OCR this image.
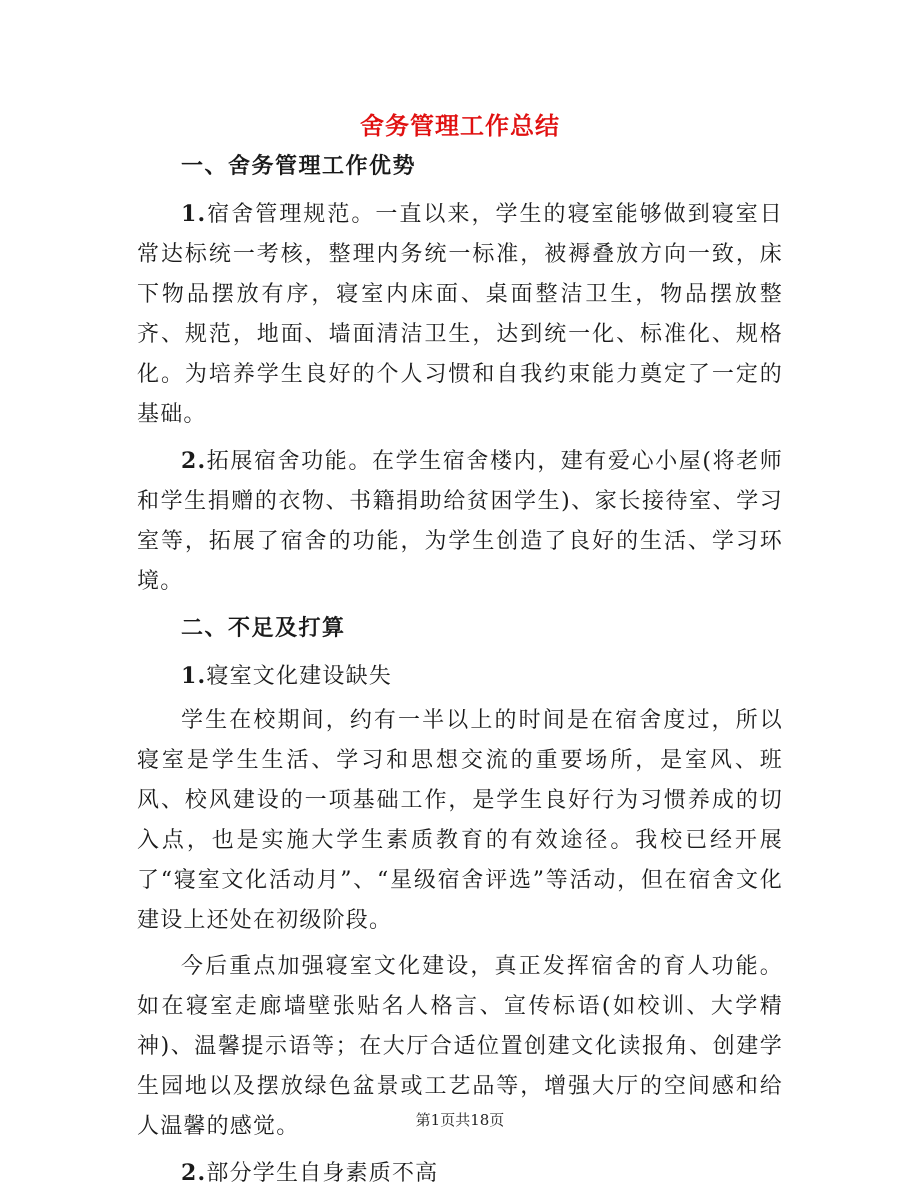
舍务管理工作总结

一、舍务管理工作优势

1.宿舍管理规范。一直以来，学生的寝室能够做到寝室日常达标统一考核，整理内务统一标准，被褥叠放方向一致，床下物品摆放有序，寝室内床面、桌面整洁卫生，物品摆放整齐、规范，地面、墙面清洁卫生，达到统一化、标准化、规格化。为培养学生良好的个人习惯和自我约束能力奠定了一定的基础。

2.拓展宿舍功能。在学生宿舍楼内，建有爱心小屋(将老师和学生捐赠的衣物、书籍捐助给贫困学生)、家长接待室、学习室等，拓展了宿舍的功能，为学生创造了良好的生活、学习环境。

二、不足及打算

1.寝室文化建设缺失

学生在校期间，约有一半以上的时间是在宿舍度过，所以寝室是学生生活、学习和思想交流的重要场所，是室风、班风、校风建设的一项基础工作，是学生良好行为习惯养成的切入点，也是实施大学生素质教育的有效途径。我校已经开展了“寝室文化活动月”、“星级宿舍评选”等活动，但在宿舍文化建设上还处在初级阶段。

今后重点加强寝室文化建设，真正发挥宿舍的育人功能。如在寝室走廊墙壁张贴名人格言、宣传标语(如校训、大学精神)、温馨提示语等；在大厅合适位置创建文化读报角、创建学生园地以及摆放绿色盆景或工艺品等，增强大厅的空间感和给人温馨的感觉。

2.部分学生自身素质不高

第1页共18页
